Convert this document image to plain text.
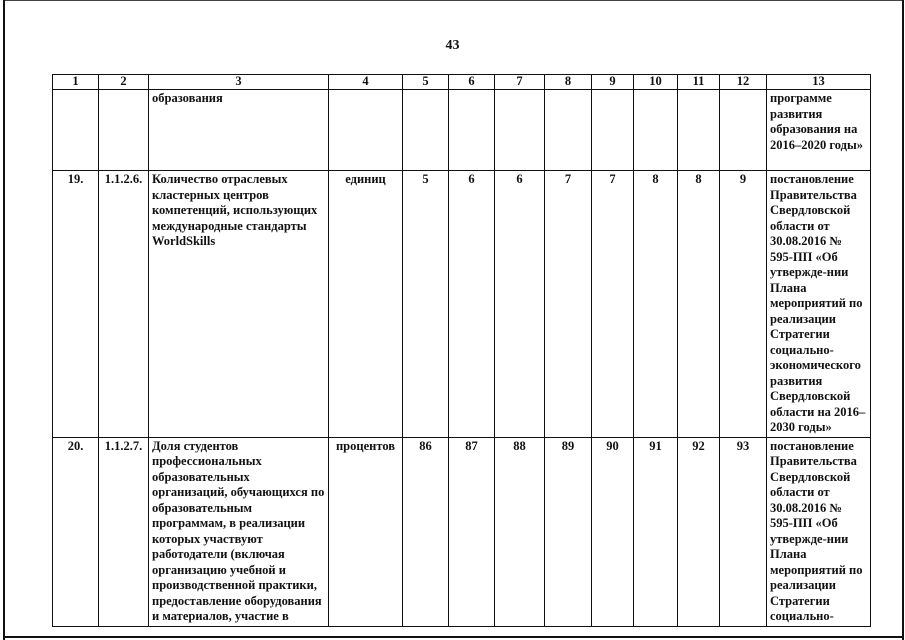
43
1	2	3	4	5	6	7	8	9	10	11	12	13
		образования										программе развития образования на 2016–2020 годы»
19.	1.1.2.6.	Количество отраслевых кластерных центров компетенций, использующих международные стандарты WorldSkills	единиц	5	6	6	7	7	8	8	9	постановление Правительства Свердловской области от 30.08.2016 № 595-ПП «Об утвержде-нии Плана мероприятий по реализации Стратегии социально-экономического развития Свердловской области на 2016–2030 годы»
20.	1.1.2.7.	Доля студентов профессиональных образовательных организаций, обучающихся по образовательным программам, в реализации которых участвуют работодатели (включая организацию учебной и производственной практики, предоставление оборудования и материалов, участие в	процентов	86	87	88	89	90	91	92	93	постановление Правительства Свердловской области от 30.08.2016 № 595-ПП «Об утвержде-нии Плана мероприятий по реализации Стратегии социально-
